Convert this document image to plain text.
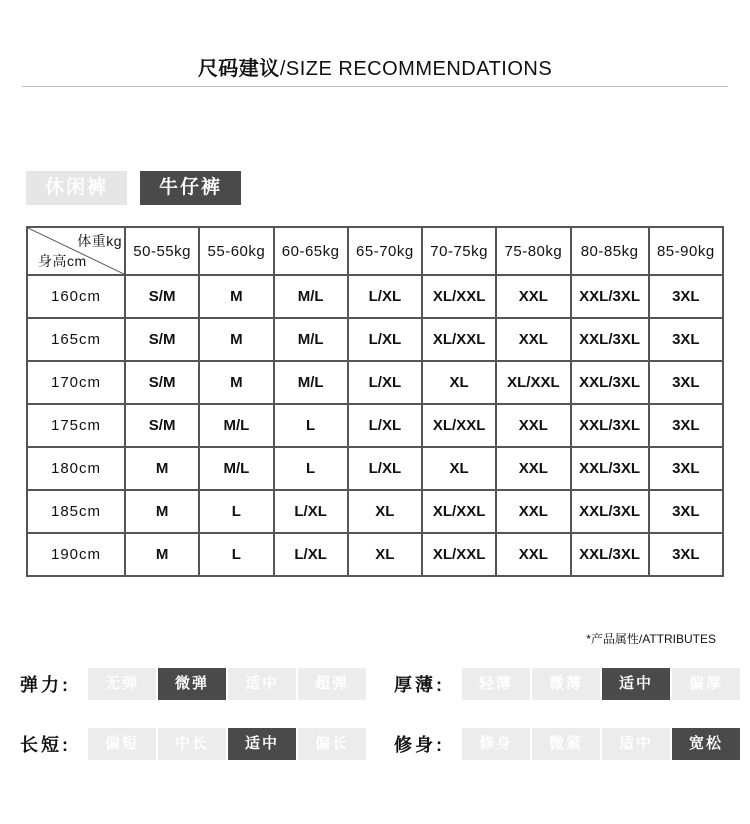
尺码建议/SIZE RECOMMENDATIONS
休闲裤	牛仔裤
体重kg
身高cm	50-55kg	55-60kg	60-65kg	65-70kg	70-75kg	75-80kg	80-85kg	85-90kg
160cm	S/M	M	M/L	L/XL	XL/XXL	XXL	XXL/3XL	3XL
165cm	S/M	M	M/L	L/XL	XL/XXL	XXL	XXL/3XL	3XL
170cm	S/M	M	M/L	L/XL	XL	XL/XXL	XXL/3XL	3XL
175cm	S/M	M/L	L	L/XL	XL/XXL	XXL	XXL/3XL	3XL
180cm	M	M/L	L	L/XL	XL	XXL	XXL/3XL	3XL
185cm	M	L	L/XL	XL	XL/XXL	XXL	XXL/3XL	3XL
190cm	M	L	L/XL	XL	XL/XXL	XXL	XXL/3XL	3XL
*产品属性/ATTRIBUTES
弹力:	无弹	微弹	适中	超弹	厚薄:	轻薄	微薄	适中	偏厚
长短:	偏短	中长	适中	偏长	修身:	修身	微紧	适中	宽松
